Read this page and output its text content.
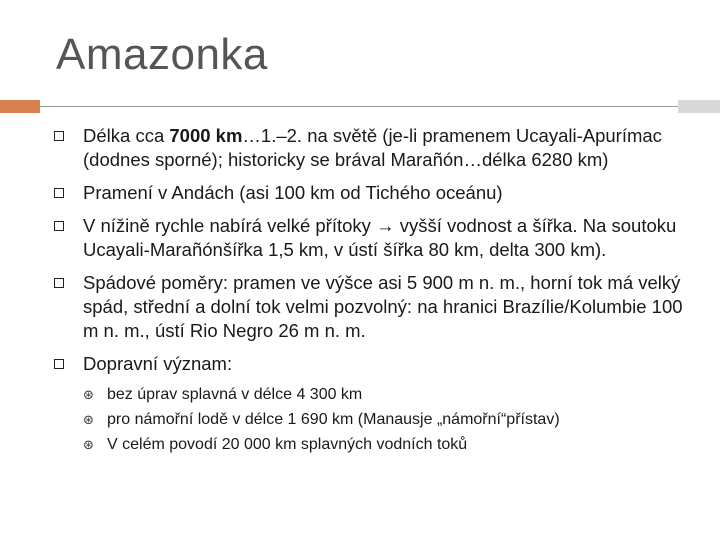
Amazonka
Délka cca 7000 km…1.–2. na světě (je-li pramenem Ucayali-Apurímac (dodnes sporné); historicky se brával Marañón…délka 6280 km)
Pramení v Andách (asi 100 km od Tichého oceánu)
V nížině rychle nabírá velké přítoky → vyšší vodnost a šířka. Na soutoku Ucayali-Marañónšířka 1,5 km, v ústí šířka 80 km, delta 300 km).
Spádové poměry: pramen ve výšce asi 5 900 m n. m., horní tok má velký spád, střední a dolní tok velmi pozvolný: na hranici Brazílie/Kolumbie 100 m n. m., ústí Rio Negro 26 m n. m.
Dopravní význam:
⊛ bez úprav splavná v délce 4 300 km
⊛ pro námořní lodě v délce 1 690 km (Manausje „námořní“přístav)
⊛ V celém povodí 20 000 km splavných vodních toků
